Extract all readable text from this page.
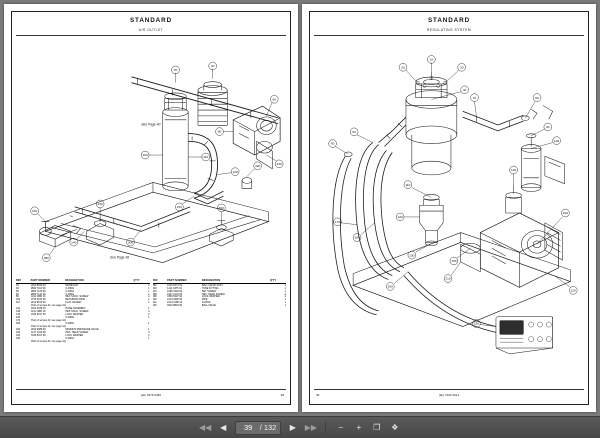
STANDARD
AIR OUTLET
20
40
60
80
100	110
120
150
200
230
240
380
400
420	430
140
See Page 40
See Page 38
REF	PART NUMBER	DESIGNATION	Q'TY
20	1404 8940 00	MANIFOLD	1
40	9800 7110 00	O-RING	1
50	9800 7120 00	O-RING	1
60	9800 7141 00	O-RING	1
80	0211 1986 13	HEX SOCK. SCREW	4
100	0753 3100 00	RETAINING RING	1
110	1614 9519 00	FLAT GASKET	1
	(Part of service kit, see page 41)		
120	1404 0035 00	HOSE ASSEMBLY	1
130	0211 1986 19	HEX SOCK. SCREW	4
140	0333 5227 00	LOCK WASHER	4
150		O-RING	1
170	(Part of service kit, see page 41)		
180		O-RING	1
	(Part of service kit, see page 41)		
200	1404 0688 00	MINIMUM PRESSURE VALVE	1
220	0147 1310 00	HEX. HEAD SCREW	4
230	0333 5227 00	LOCK WASHER	4
240		O-RING	1
	(Part of service kit, see page 41)		
REF	PART NUMBER	DESIGNATION	Q'TY
380	1613 9474 01	BALL VALVE ASSY.	1
400	1411 9475 01	TUBE FITTING	1
410	1089 1649 00	SET SCREW	1
408	0147 1232 00	HEX. HEAD SCREW	2
409	0333 5227 00	LOCK WASHER	2
420	1614 0348 00	PIPE	1
421	1613 2188 12	O-RING	1
430	0022 8818 00	BALL VALVE	1
(kit) 3276 0466	38
STANDARD
REGULATING SYSTEM
10
20	30
40
50
60
70	80
90
100
110
120
130
140
150
160
170
180
190
200
210
220
40	(kit) 7226 2914
◀◀	◀
39	/ 132	▶	▶▶	−	+	❐	❖
